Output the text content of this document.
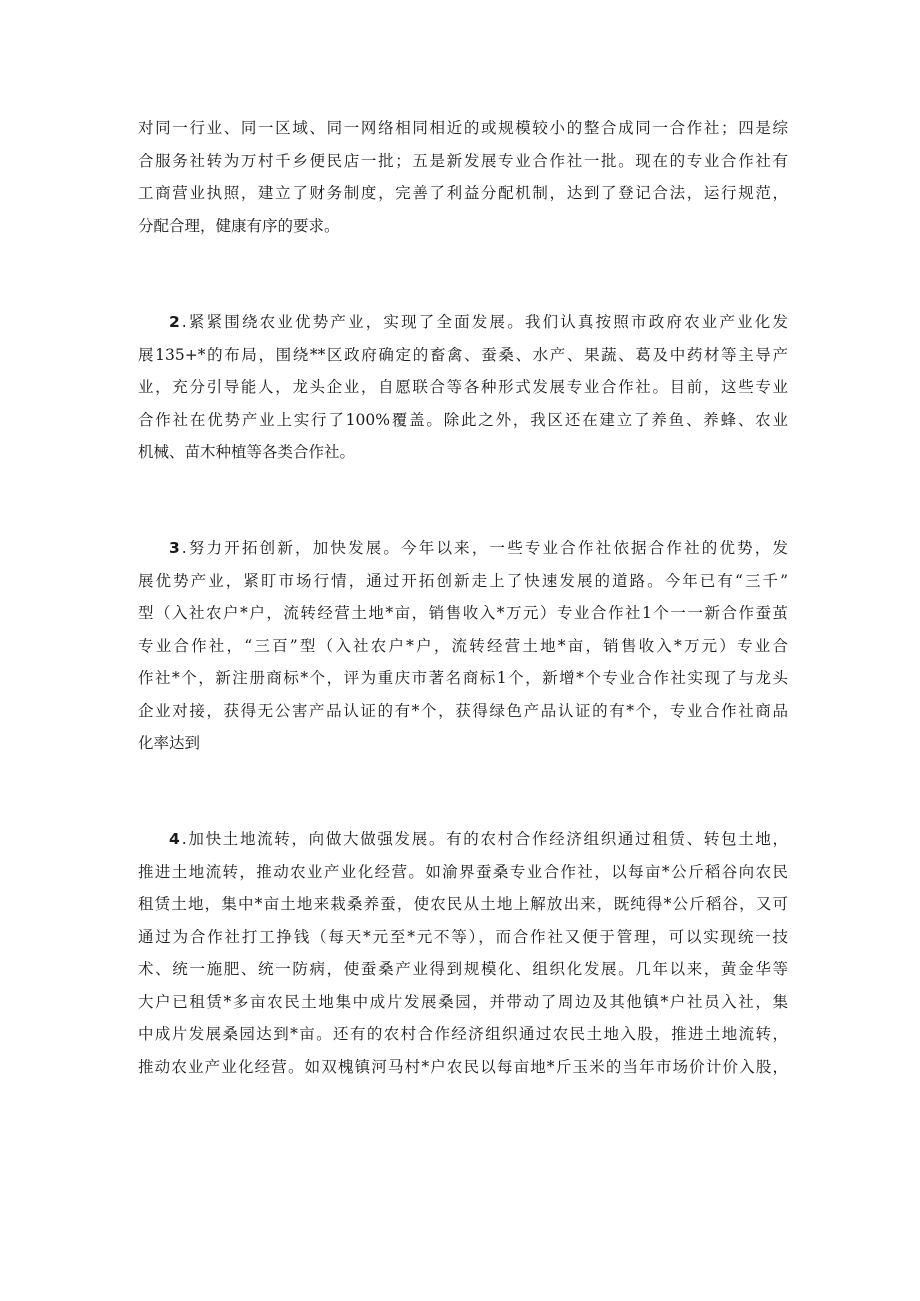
对同一行业、同一区域、同一网络相同相近的或规模较小的整合成同一合作社；四是综
合服务社转为万村千乡便民店一批；五是新发展专业合作社一批。现在的专业合作社有
工商营业执照，建立了财务制度，完善了利益分配机制，达到了登记合法，运行规范，
分配合理，健康有序的要求。
2 .紧紧围绕农业优势产业，实现了全面发展。我们认真按照市政府农业产业化发
展135+*的布局，围绕**区政府确定的畜禽、蚕桑、水产、果蔬、葛及中药材等主导产
业，充分引导能人，龙头企业，自愿联合等各种形式发展专业合作社。目前，这些专业
合作社在优势产业上实行了100%覆盖。除此之外，我区还在建立了养鱼、养蜂、农业
机械、苗木种植等各类合作社。
3 .努力开拓创新，加快发展。今年以来，一些专业合作社依据合作社的优势，发
展优势产业，紧盯市场行情，通过开拓创新走上了快速发展的道路。今年已有“三千”
型（入社农户*户，流转经营土地*亩，销售收入*万元）专业合作社1个一一新合作蚕茧
专业合作社，“三百”型（入社农户*户，流转经营土地*亩，销售收入*万元）专业合
作社*个，新注册商标*个，评为重庆市著名商标1个，新增*个专业合作社实现了与龙头
企业对接，获得无公害产品认证的有*个，获得绿色产品认证的有*个，专业合作社商品
化率达到
4 .加快土地流转，向做大做强发展。有的农村合作经济组织通过租赁、转包土地，
推进土地流转，推动农业产业化经营。如渝界蚕桑专业合作社，以每亩*公斤稻谷向农民
租赁土地，集中*亩土地来栽桑养蚕，使农民从土地上解放出来，既纯得*公斤稻谷，又可
通过为合作社打工挣钱（每天*元至*元不等），而合作社又便于管理，可以实现统一技
术、统一施肥、统一防病，使蚕桑产业得到规模化、组织化发展。几年以来，黄金华等
大户已租赁*多亩农民土地集中成片发展桑园，并带动了周边及其他镇*户社员入社，集
中成片发展桑园达到*亩。还有的农村合作经济组织通过农民土地入股，推进土地流转，
推动农业产业化经营。如双槐镇河马村*户农民以每亩地*斤玉米的当年市场价计价入股，
